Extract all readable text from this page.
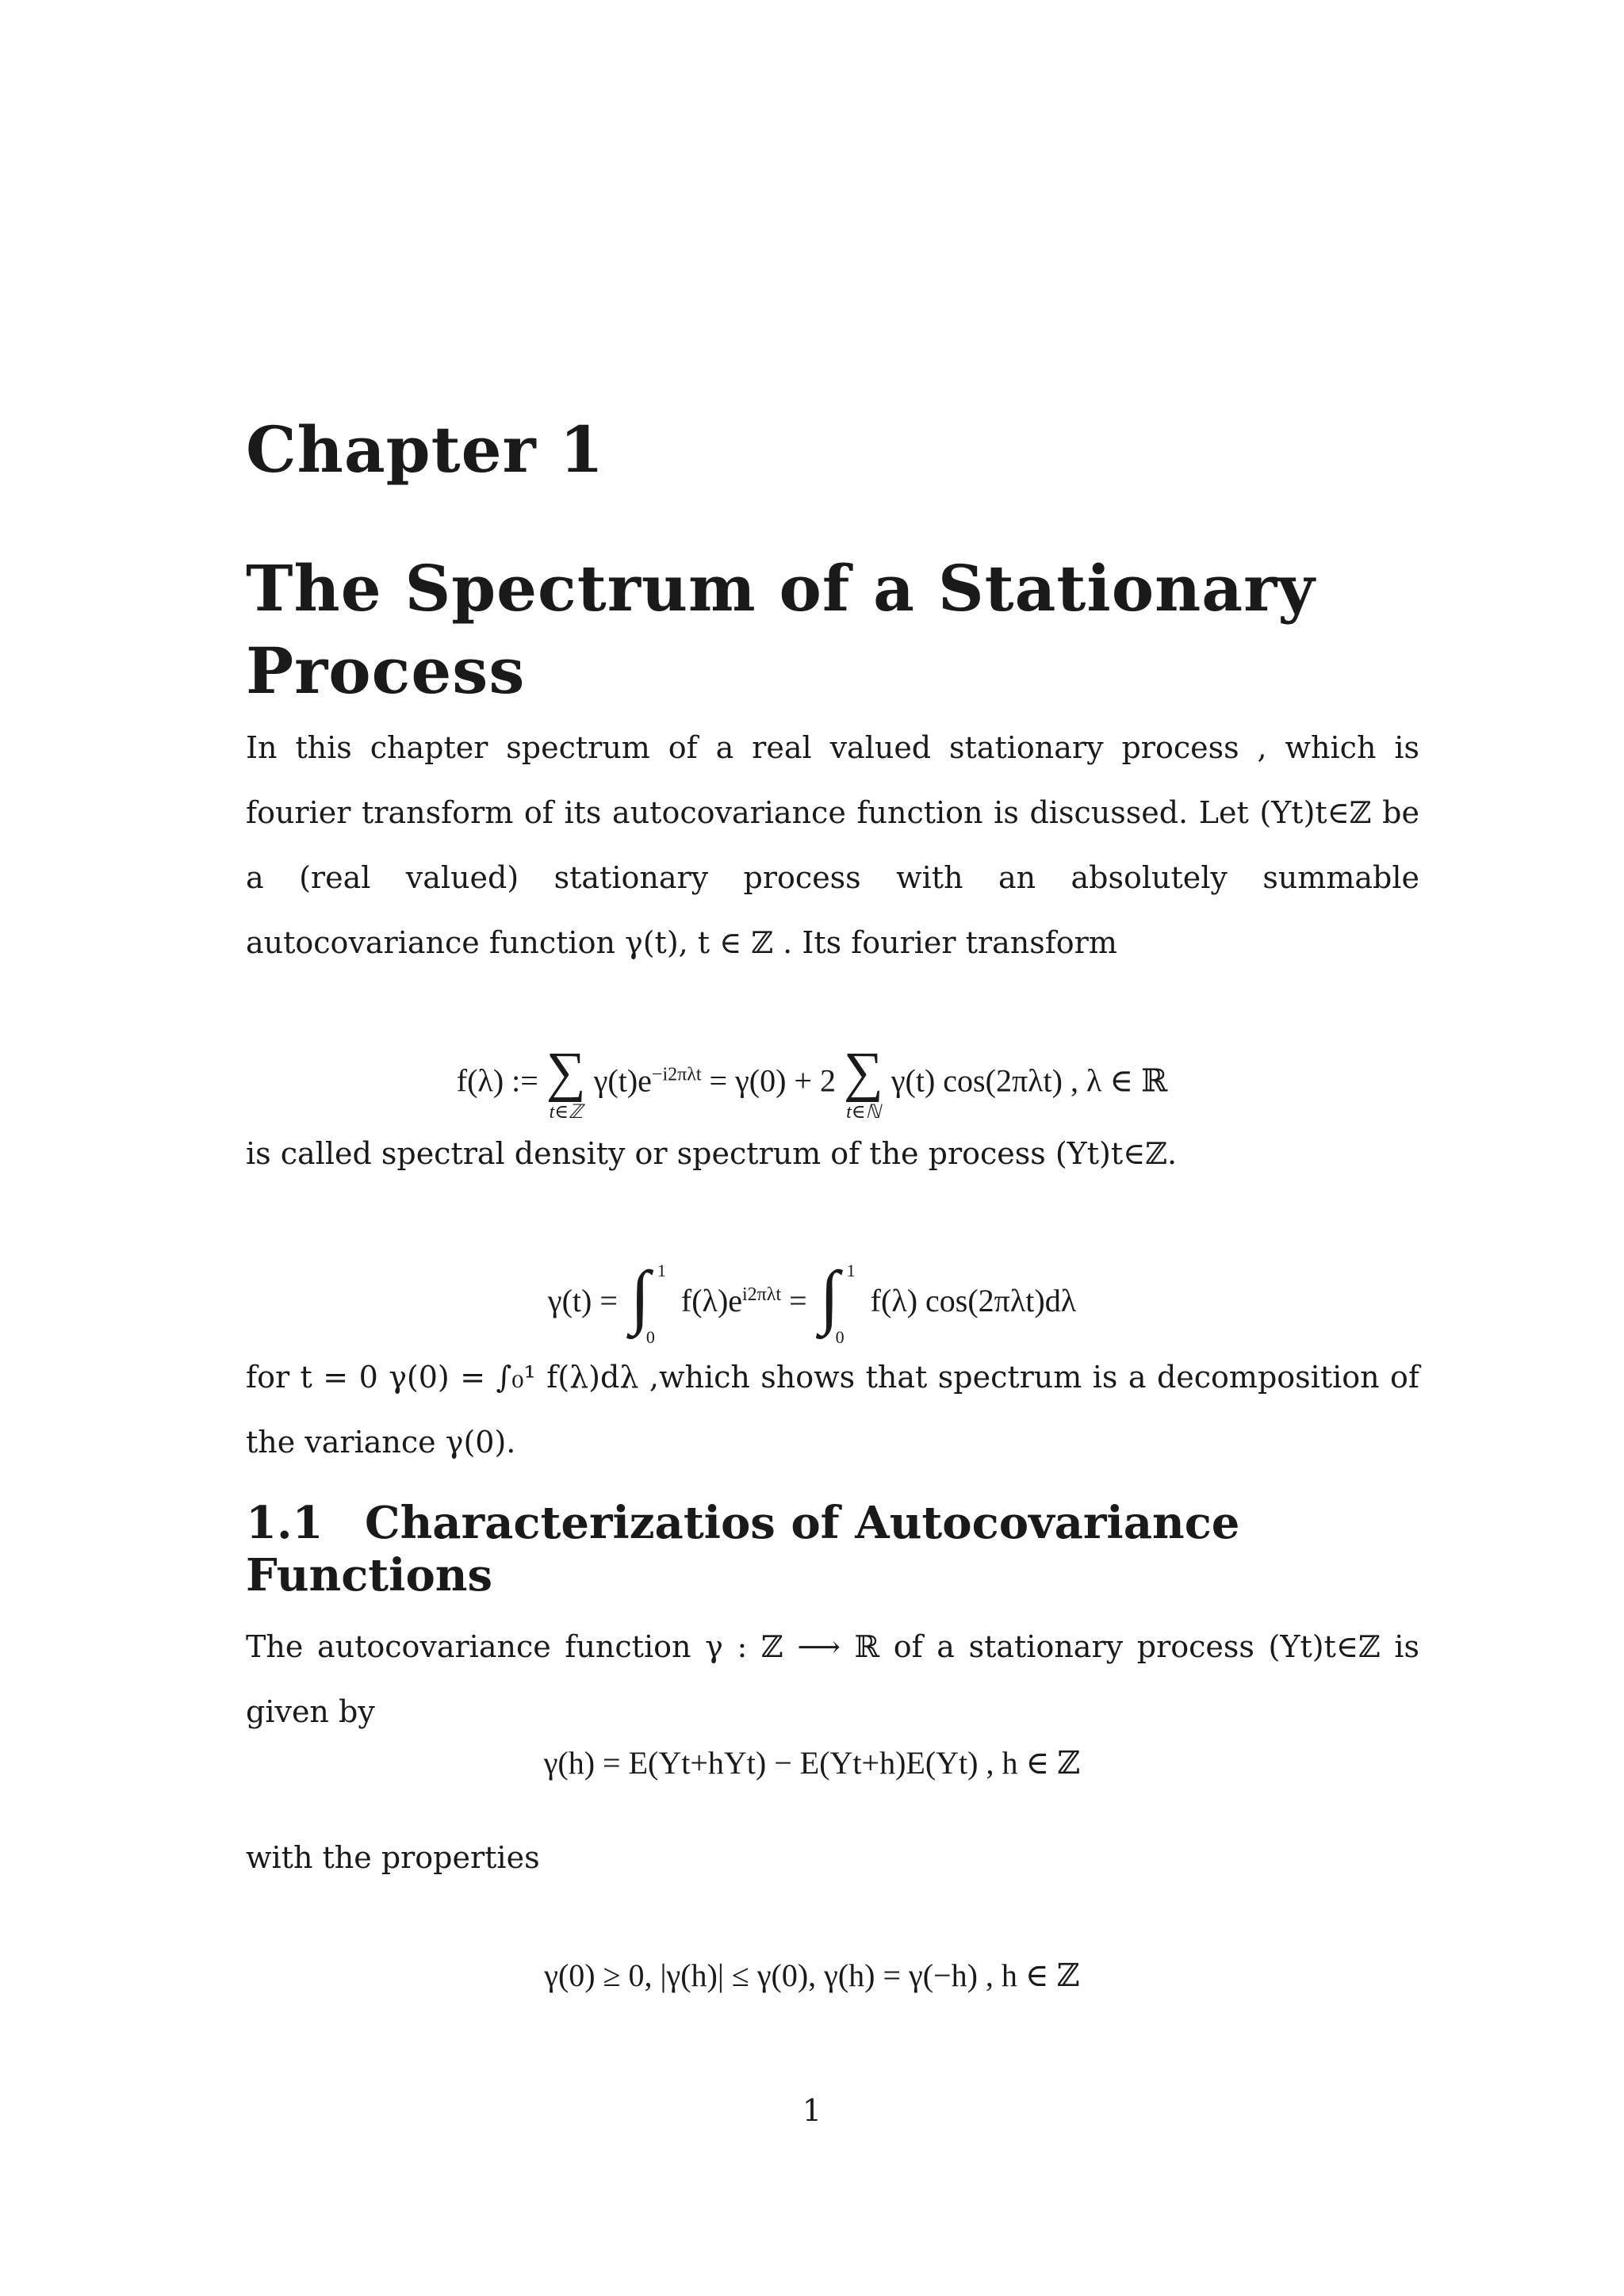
Chapter 1
The Spectrum of a Stationary Process
In this chapter spectrum of a real valued stationary process , which is fourier transform of its autocovariance function is discussed. Let (Yt)t∈ℤ be a (real valued) stationary process with an absolutely summable autocovariance function γ(t), t ∈ ℤ . Its fourier transform
f(λ) := ∑
t∈ℤ
$\gamma(t)e^{-i2\pi\lambda t} = \gamma(0) + 2$ ∑
t∈ℕ
γ(t) cos(2πλt) , λ ∈ ℝ
is called spectral density or spectrum of the process (Yt)t∈ℤ.
γ(t) = ∫ 1
0
$f(\lambda)e^{i2\pi\lambda t}$ = ∫ 1
0
f(λ) cos(2πλt)dλ
for t = 0 γ(0) = ∫₀¹ f(λ)dλ ,which shows that spectrum is a decomposition of the variance γ(0).
1.1 Characterizatios of Autocovariance Functions
The autocovariance function γ : ℤ ⟶ ℝ of a stationary process (Yt)t∈ℤ is given by
γ(h) = E(Yt+hYt) − E(Yt+h)E(Yt) , h ∈ ℤ
with the properties
γ(0) ≥ 0, |γ(h)| ≤ γ(0), γ(h) = γ(−h) , h ∈ ℤ
1
